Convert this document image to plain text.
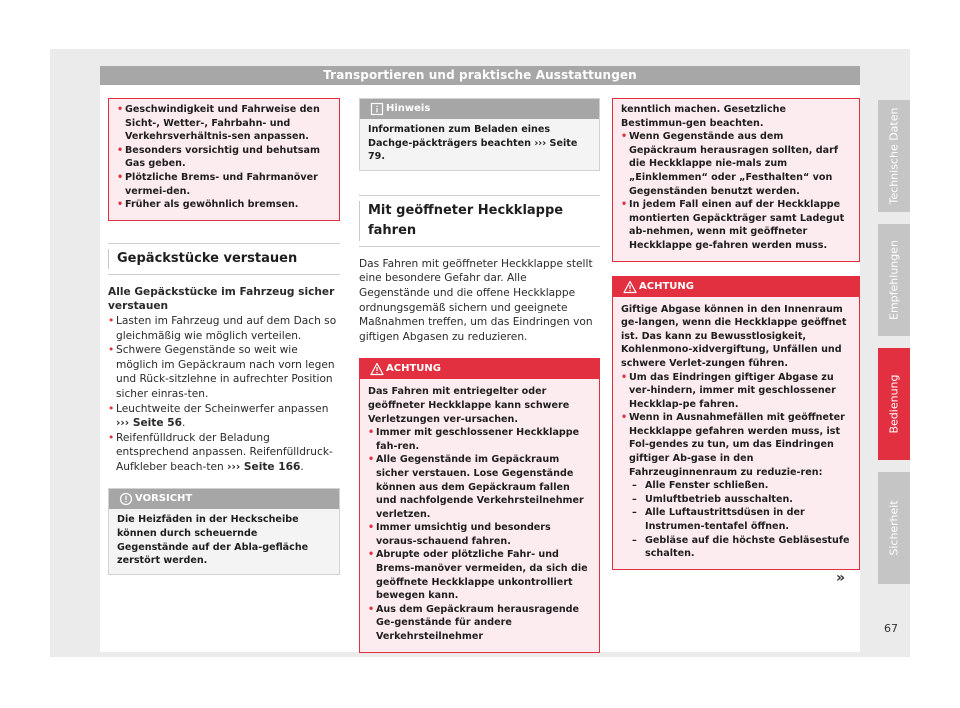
Transportieren und praktische Ausstattungen
• Geschwindigkeit und Fahrweise den Sicht-, Wetter-, Fahrbahn- und Verkehrsverhältnis-sen anpassen.
• Besonders vorsichtig und behutsam Gas geben.
• Plötzliche Brems- und Fahrmanöver vermei-den.
• Früher als gewöhnlich bremsen.
Gepäckstücke verstauen
Alle Gepäckstücke im Fahrzeug sicher verstauen
• Lasten im Fahrzeug und auf dem Dach so gleichmäßig wie möglich verteilen.
• Schwere Gegenstände so weit wie möglich im Gepäckraum nach vorn legen und Rück-sitzlehne in aufrechter Position sicher einras-ten.
• Leuchtweite der Scheinwerfer anpassen
››› Seite 56.
• Reifenfülldruck der Beladung entsprechend anpassen. Reifenfülldruck-Aufkleber beach-ten ››› Seite 166.
VORSICHT
Die Heizfäden in der Heckscheibe können durch scheuernde Gegenstände auf der Abla-gefläche zerstört werden.
Hinweis
Informationen zum Beladen eines Dachge-päckträgers beachten ››› Seite 79.
Mit geöffneter Heckklappe fahren
Das Fahren mit geöffneter Heckklappe stellt eine besondere Gefahr dar. Alle Gegenstände und die offene Heckklappe ordnungsgemäß sichern und geeignete Maßnahmen treffen, um das Eindringen von giftigen Abgasen zu reduzieren.
ACHTUNG
Das Fahren mit entriegelter oder geöffneter Heckklappe kann schwere Verletzungen ver-ursachen.
• Immer mit geschlossener Heckklappe fah-ren.
• Alle Gegenstände im Gepäckraum sicher verstauen. Lose Gegenstände können aus dem Gepäckraum fallen und nachfolgende Verkehrsteilnehmer verletzen.
• Immer umsichtig und besonders voraus-schauend fahren.
• Abrupte oder plötzliche Fahr- und Brems-manöver vermeiden, da sich die geöffnete Heckklappe unkontrolliert bewegen kann.
• Aus dem Gepäckraum herausragende Ge-genstände für andere Verkehrsteilnehmer
kenntlich machen. Gesetzliche Bestimmun-gen beachten.
• Wenn Gegenstände aus dem Gepäckraum herausragen sollten, darf die Heckklappe nie-mals zum „Einklemmen“ oder „Festhalten“ von Gegenständen benutzt werden.
• In jedem Fall einen auf der Heckklappe montierten Gepäckträger samt Ladegut ab-nehmen, wenn mit geöffneter Heckklappe ge-fahren werden muss.
ACHTUNG
Giftige Abgase können in den Innenraum ge-langen, wenn die Heckklappe geöffnet ist. Das kann zu Bewusstlosigkeit, Kohlenmono-xidvergiftung, Unfällen und schwere Verlet-zungen führen.
• Um das Eindringen giftiger Abgase zu ver-hindern, immer mit geschlossener Heckklap-pe fahren.
• Wenn in Ausnahmefällen mit geöffneter Heckklappe gefahren werden muss, ist Fol-gendes zu tun, um das Eindringen giftiger Ab-gase in den Fahrzeuginnenraum zu reduzie-ren:
– Alle Fenster schließen.
– Umluftbetrieb ausschalten.
– Alle Luftaustrittsdüsen in der Instrumen-tentafel öffnen.
– Gebläse auf die höchste Gebläsestufe schalten.
»
Technische Daten
Empfehlungen
Bedienung
Sicherheit
67
